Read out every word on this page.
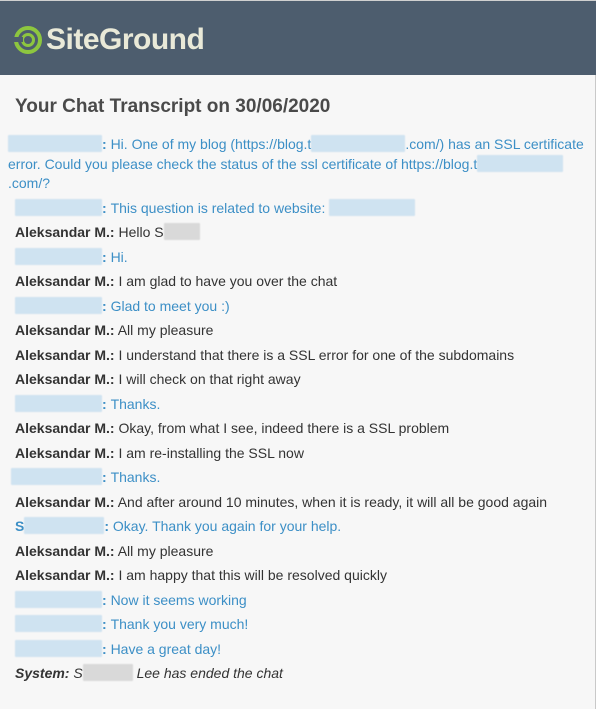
SiteGround
Your Chat Transcript on 30/06/2020
: Hi. One of my blog (https://blog.t	.com/) has an SSL certificate error. Could you please check the status of the ssl certificate of https://blog.t.com/?
: This question is related to website:
Aleksandar M.: Hello S
: Hi.
Aleksandar M.: I am glad to have you over the chat
: Glad to meet you :)
Aleksandar M.: All my pleasure
Aleksandar M.: I understand that there is a SSL error for one of the subdomains
Aleksandar M.: I will check on that right away
: Thanks.
Aleksandar M.: Okay, from what I see, indeed there is a SSL problem
Aleksandar M.: I am re-installing the SSL now
: Thanks.
Aleksandar M.: And after around 10 minutes, when it is ready, it will all be good again
S	: Okay. Thank you again for your help.
Aleksandar M.: All my pleasure
Aleksandar M.: I am happy that this will be resolved quickly
: Now it seems working
: Thank you very much!
: Have a great day!
System: S	Lee has ended the chat
